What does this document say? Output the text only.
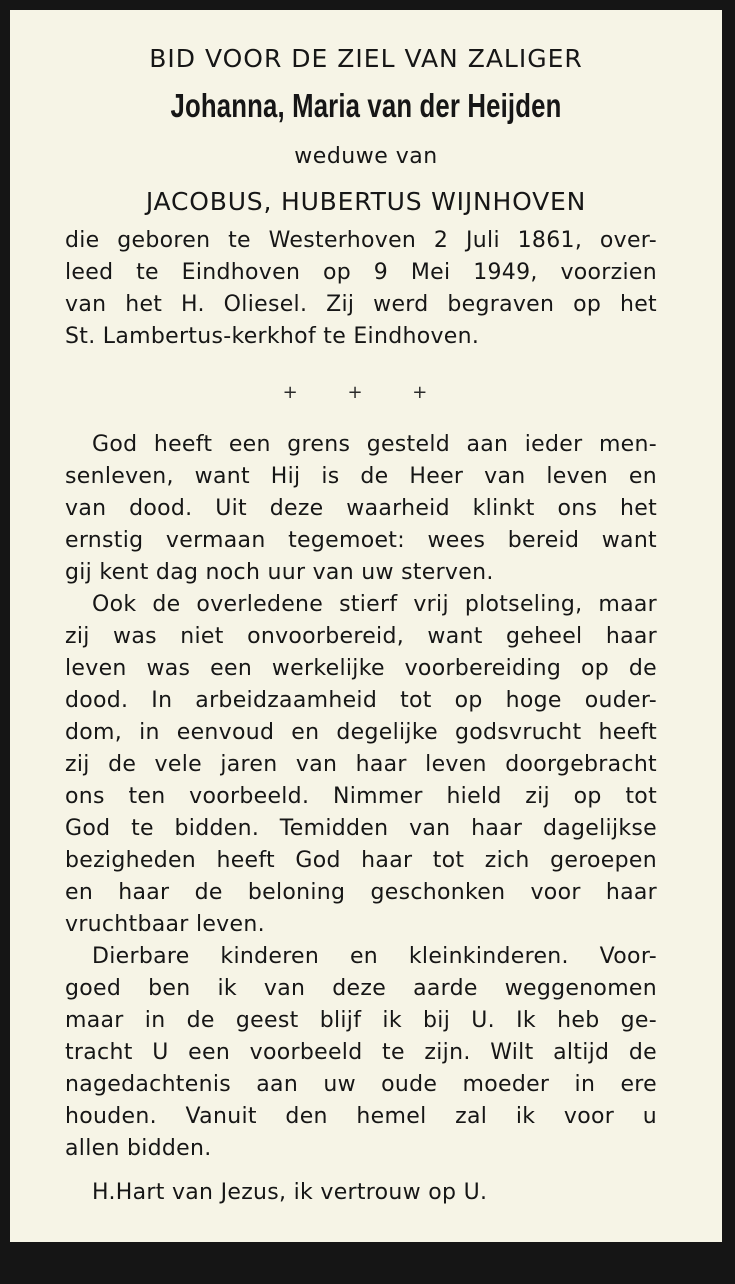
BID VOOR DE ZIEL VAN ZALIGER

Johanna, Maria van der Heijden

weduwe van

JACOBUS, HUBERTUS WIJNHOVEN

die geboren te Westerhoven 2 Juli 1861, over-

leed te Eindhoven op 9 Mei 1949, voorzien

van het H. Oliesel. Zij werd begraven op het

St. Lambertus-kerkhof te Eindhoven.

+ + +

God heeft een grens gesteld aan ieder men-

senleven, want Hij is de Heer van leven en

van dood. Uit deze waarheid klinkt ons het

ernstig vermaan tegemoet: wees bereid want

gij kent dag noch uur van uw sterven.

Ook de overledene stierf vrij plotseling, maar

zij was niet onvoorbereid, want geheel haar

leven was een werkelijke voorbereiding op de

dood. In arbeidzaamheid tot op hoge ouder-

dom, in eenvoud en degelijke godsvrucht heeft

zij de vele jaren van haar leven doorgebracht

ons ten voorbeeld. Nimmer hield zij op tot

God te bidden. Temidden van haar dagelijkse

bezigheden heeft God haar tot zich geroepen

en haar de beloning geschonken voor haar

vruchtbaar leven.

Dierbare kinderen en kleinkinderen. Voor-

goed ben ik van deze aarde weggenomen

maar in de geest blijf ik bij U. Ik heb ge-

tracht U een voorbeeld te zijn. Wilt altijd de

nagedachtenis aan uw oude moeder in ere

houden. Vanuit den hemel zal ik voor u

allen bidden.

H.Hart van Jezus, ik vertrouw op U.
